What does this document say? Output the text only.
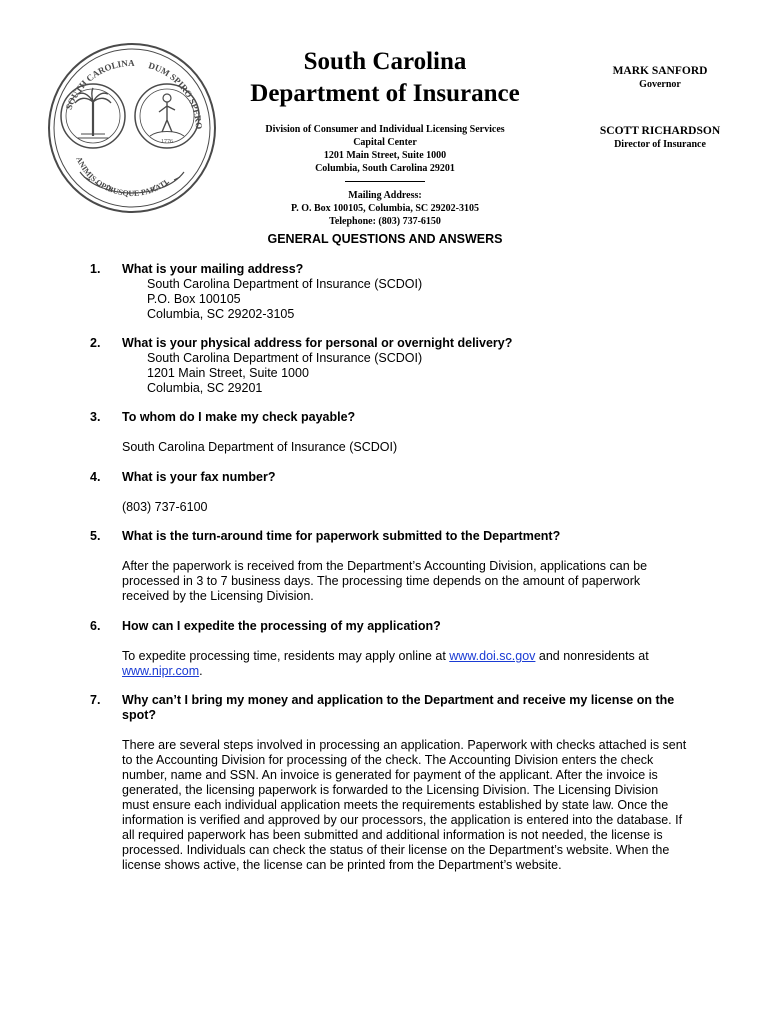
SOUTH CAROLINA DUM SPIRO SPERO
ANIMIS OPIBUSQUE PARATI
1776
South Carolina
Department of Insurance
Division of Consumer and Individual Licensing Services
Capital Center
1201 Main Street, Suite 1000
Columbia, South Carolina 29201
Mailing Address:
P. O. Box 100105, Columbia, SC 29202-3105
Telephone: (803) 737-6150
MARK SANFORD
Governor
SCOTT RICHARDSON
Director of Insurance
GENERAL QUESTIONS AND ANSWERS
1. What is your mailing address?
South Carolina Department of Insurance (SCDOI)
P.O. Box 100105
Columbia, SC 29202-3105
2. What is your physical address for personal or overnight delivery?
South Carolina Department of Insurance (SCDOI)
1201 Main Street, Suite 1000
Columbia, SC 29201
3. To whom do I make my check payable?
South Carolina Department of Insurance (SCDOI)
4. What is your fax number?
(803) 737-6100
5. What is the turn-around time for paperwork submitted to the Department?
After the paperwork is received from the Department’s Accounting Division, applications can be
processed in 3 to 7 business days. The processing time depends on the amount of paperwork
received by the Licensing Division.
6. How can I expedite the processing of my application?
To expedite processing time, residents may apply online at www.doi.sc.gov and nonresidents at
www.nipr.com.
7. Why can’t I bring my money and application to the Department and receive my license on the
spot?
There are several steps involved in processing an application. Paperwork with checks attached is sent
to the Accounting Division for processing of the check. The Accounting Division enters the check
number, name and SSN. An invoice is generated for payment of the applicant. After the invoice is
generated, the licensing paperwork is forwarded to the Licensing Division. The Licensing Division
must ensure each individual application meets the requirements established by state law. Once the
information is verified and approved by our processors, the application is entered into the database. If
all required paperwork has been submitted and additional information is not needed, the license is
processed. Individuals can check the status of their license on the Department’s website. When the
license shows active, the license can be printed from the Department’s website.
